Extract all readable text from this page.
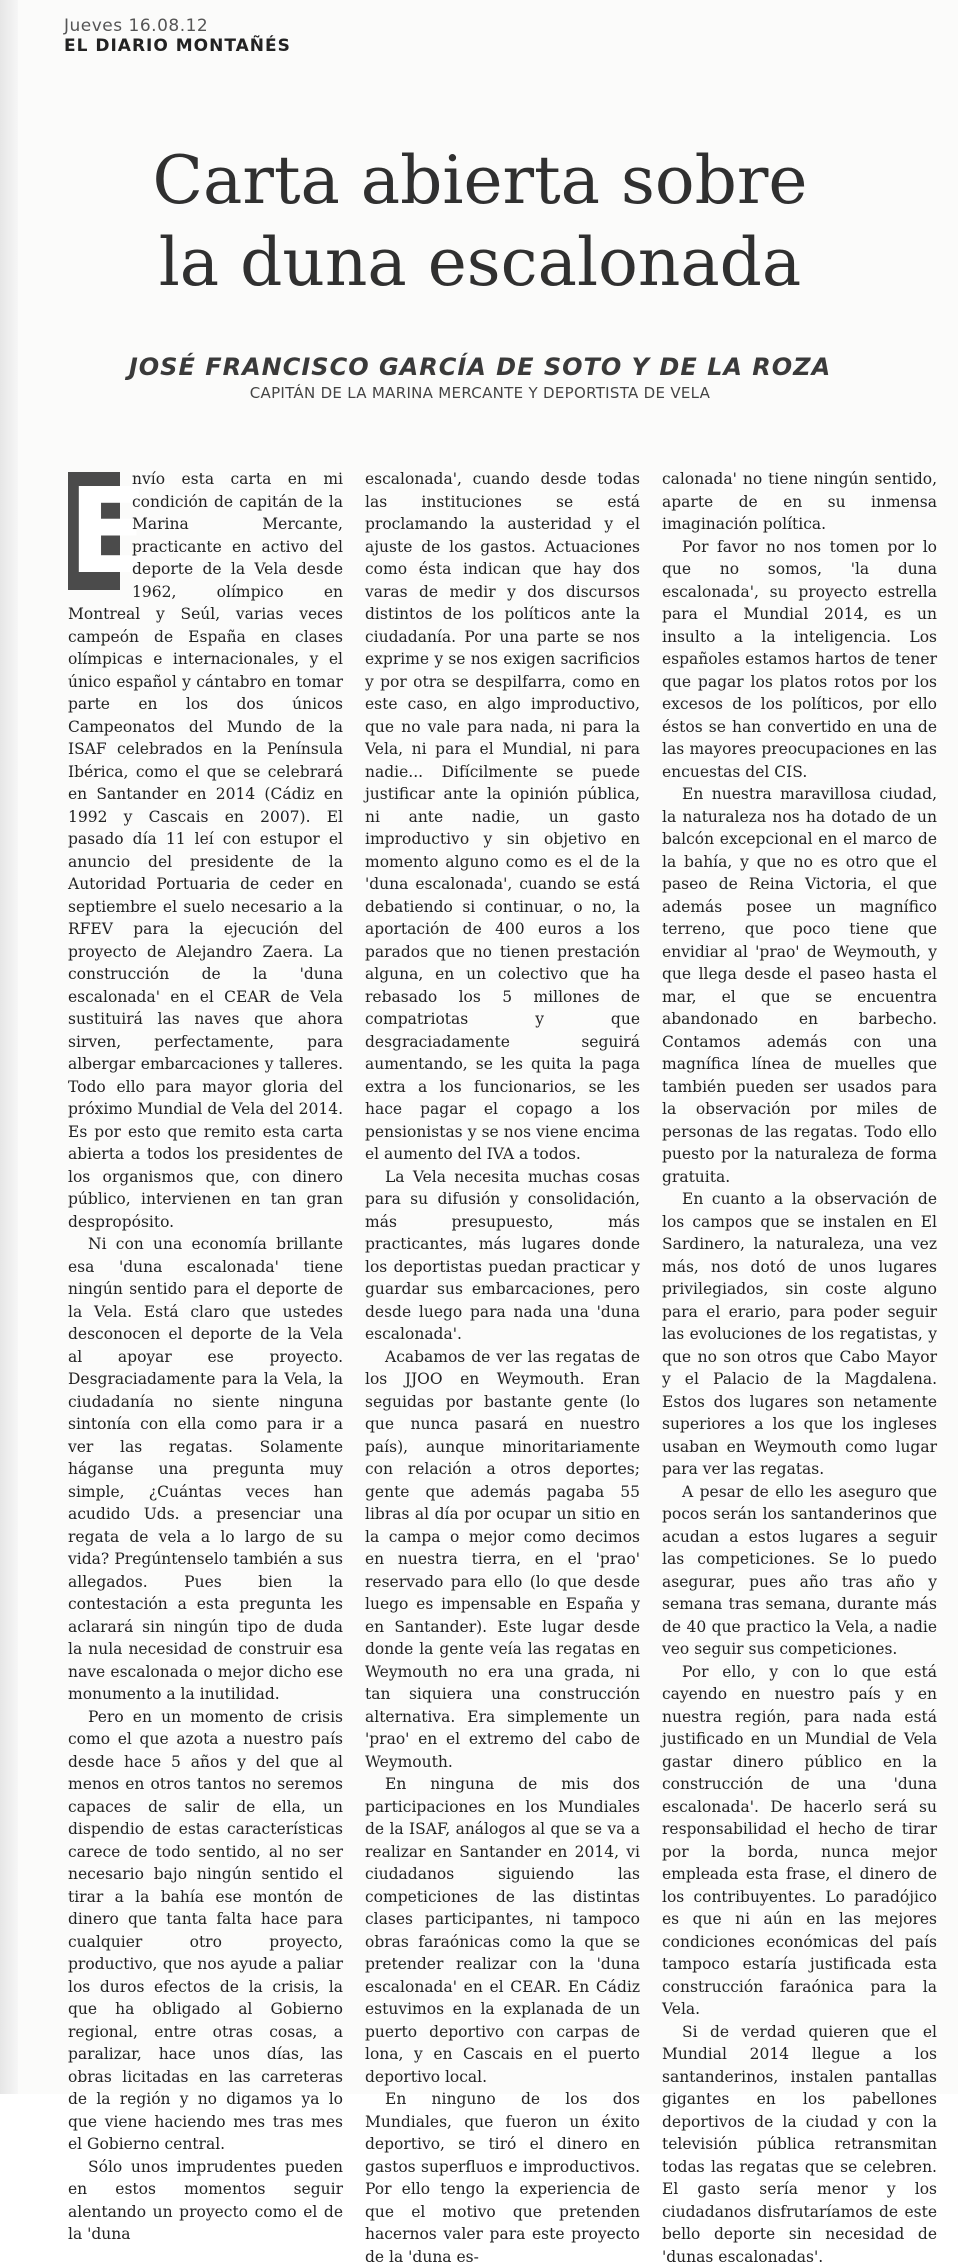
Jueves 16.08.12
EL DIARIO MONTAÑÉS
Carta abierta sobre
la duna escalonada
JOSÉ FRANCISCO GARCÍA DE SOTO Y DE LA ROZA
CAPITÁN DE LA MARINA MERCANTE Y DEPORTISTA DE VELA
E

nvío esta carta en mi condición de capitán de la Marina Mercante, practicante en activo del deporte de la Vela desde 1962, olímpico en Montreal y Seúl, varias veces campeón de España en clases olímpicas e internacionales, y el único español y cántabro en tomar parte en los dos únicos Campeonatos del Mundo de la ISAF celebrados en la Península Ibérica, como el que se celebrará en Santander en 2014 (Cádiz en 1992 y Cascais en 2007). El pasado día 11 leí con estupor el anuncio del presidente de la Autoridad Portuaria de ceder en septiembre el suelo necesario a la RFEV para la ejecución del proyecto de Alejandro Zaera. La construcción de la 'duna escalonada' en el CEAR de Vela sustituirá las naves que ahora sirven, perfectamente, para albergar embarcaciones y talleres. Todo ello para mayor gloria del próximo Mundial de Vela del 2014. Es por esto que remito esta carta abierta a todos los presidentes de los organismos que, con dinero público, intervienen en tan gran despropósito.

Ni con una economía brillante esa 'duna escalonada' tiene ningún sentido para el deporte de la Vela. Está claro que ustedes desconocen el deporte de la Vela al apoyar ese proyecto. Desgraciadamente para la Vela, la ciudadanía no siente ninguna sintonía con ella como para ir a ver las regatas. Solamente háganse una pregunta muy simple, ¿Cuántas veces han acudido Uds. a presenciar una regata de vela a lo largo de su vida? Pregúntenselo también a sus allegados. Pues bien la contestación a esta pregunta les aclarará sin ningún tipo de duda la nula necesidad de construir esa nave escalonada o mejor dicho ese monumento a la inutilidad.

Pero en un momento de crisis como el que azota a nuestro país desde hace 5 años y del que al menos en otros tantos no seremos capaces de salir de ella, un dispendio de estas características carece de todo sentido, al no ser necesario bajo ningún sentido el tirar a la bahía ese montón de dinero que tanta falta hace para cualquier otro proyecto, productivo, que nos ayude a paliar los duros efectos de la crisis, la que ha obligado al Gobierno regional, entre otras cosas, a paralizar, hace unos días, las obras licitadas en las carreteras de la región y no digamos ya lo que viene haciendo mes tras mes el Gobierno central.

Sólo unos imprudentes pueden en estos momentos seguir alentando un proyecto como el de la 'duna

escalonada', cuando desde todas las instituciones se está proclamando la austeridad y el ajuste de los gastos. Actuaciones como ésta indican que hay dos varas de medir y dos discursos distintos de los políticos ante la ciudadanía. Por una parte se nos exprime y se nos exigen sacrificios y por otra se despilfarra, como en este caso, en algo improductivo, que no vale para nada, ni para la Vela, ni para el Mundial, ni para nadie... Difícilmente se puede justificar ante la opinión pública, ni ante nadie, un gasto improductivo y sin objetivo en momento alguno como es el de la 'duna escalonada', cuando se está debatiendo si continuar, o no, la aportación de 400 euros a los parados que no tienen prestación alguna, en un colectivo que ha rebasado los 5 millones de compatriotas y que desgraciadamente seguirá aumentando, se les quita la paga extra a los funcionarios, se les hace pagar el copago a los pensionistas y se nos viene encima el aumento del IVA a todos.

La Vela necesita muchas cosas para su difusión y consolidación, más presupuesto, más practicantes, más lugares donde los deportistas puedan practicar y guardar sus embarcaciones, pero desde luego para nada una 'duna escalonada'.

Acabamos de ver las regatas de los JJOO en Weymouth. Eran seguidas por bastante gente (lo que nunca pasará en nuestro país), aunque minoritariamente con relación a otros deportes; gente que además pagaba 55 libras al día por ocupar un sitio en la campa o mejor como decimos en nuestra tierra, en el 'prao' reservado para ello (lo que desde luego es impensable en España y en Santander). Este lugar desde donde la gente veía las regatas en Weymouth no era una grada, ni tan siquiera una construcción alternativa. Era simplemente un 'prao' en el extremo del cabo de Weymouth.

En ninguna de mis dos participaciones en los Mundiales de la ISAF, análogos al que se va a realizar en Santander en 2014, vi ciudadanos siguiendo las competiciones de las distintas clases participantes, ni tampoco obras faraónicas como la que se pretender realizar con la 'duna escalonada' en el CEAR. En Cádiz estuvimos en la explanada de un puerto deportivo con carpas de lona, y en Cascais en el puerto deportivo local.

En ninguno de los dos Mundiales, que fueron un éxito deportivo, se tiró el dinero en gastos superfluos e improductivos. Por ello tengo la experiencia de que el motivo que pretenden hacernos valer para este proyecto de la 'duna es-

calonada' no tiene ningún sentido, aparte de en su inmensa imaginación política.

Por favor no nos tomen por lo que no somos, 'la duna escalonada', su proyecto estrella para el Mundial 2014, es un insulto a la inteligencia. Los españoles estamos hartos de tener que pagar los platos rotos por los excesos de los políticos, por ello éstos se han convertido en una de las mayores preocupaciones en las encuestas del CIS.

En nuestra maravillosa ciudad, la naturaleza nos ha dotado de un balcón excepcional en el marco de la bahía, y que no es otro que el paseo de Reina Victoria, el que además posee un magnífico terreno, que poco tiene que envidiar al 'prao' de Weymouth, y que llega desde el paseo hasta el mar, el que se encuentra abandonado en barbecho. Contamos además con una magnífica línea de muelles que también pueden ser usados para la observación por miles de personas de las regatas. Todo ello puesto por la naturaleza de forma gratuita.

En cuanto a la observación de los campos que se instalen en El Sardinero, la naturaleza, una vez más, nos dotó de unos lugares privilegiados, sin coste alguno para el erario, para poder seguir las evoluciones de los regatistas, y que no son otros que Cabo Mayor y el Palacio de la Magdalena. Estos dos lugares son netamente superiores a los que los ingleses usaban en Weymouth como lugar para ver las regatas.

A pesar de ello les aseguro que pocos serán los santanderinos que acudan a estos lugares a seguir las competiciones. Se lo puedo asegurar, pues año tras año y semana tras semana, durante más de 40 que practico la Vela, a nadie veo seguir sus competiciones.

Por ello, y con lo que está cayendo en nuestro país y en nuestra región, para nada está justificado en un Mundial de Vela gastar dinero público en la construcción de una 'duna escalonada'. De hacerlo será su responsabilidad el hecho de tirar por la borda, nunca mejor empleada esta frase, el dinero de los contribuyentes. Lo paradójico es que ni aún en las mejores condiciones económicas del país tampoco estaría justificada esta construcción faraónica para la Vela.

Si de verdad quieren que el Mundial 2014 llegue a los santanderinos, instalen pantallas gigantes en los pabellones deportivos de la ciudad y con la televisión pública retransmitan todas las regatas que se celebren. El gasto sería menor y los ciudadanos disfrutaríamos de este bello deporte sin necesidad de 'dunas escalonadas'.
